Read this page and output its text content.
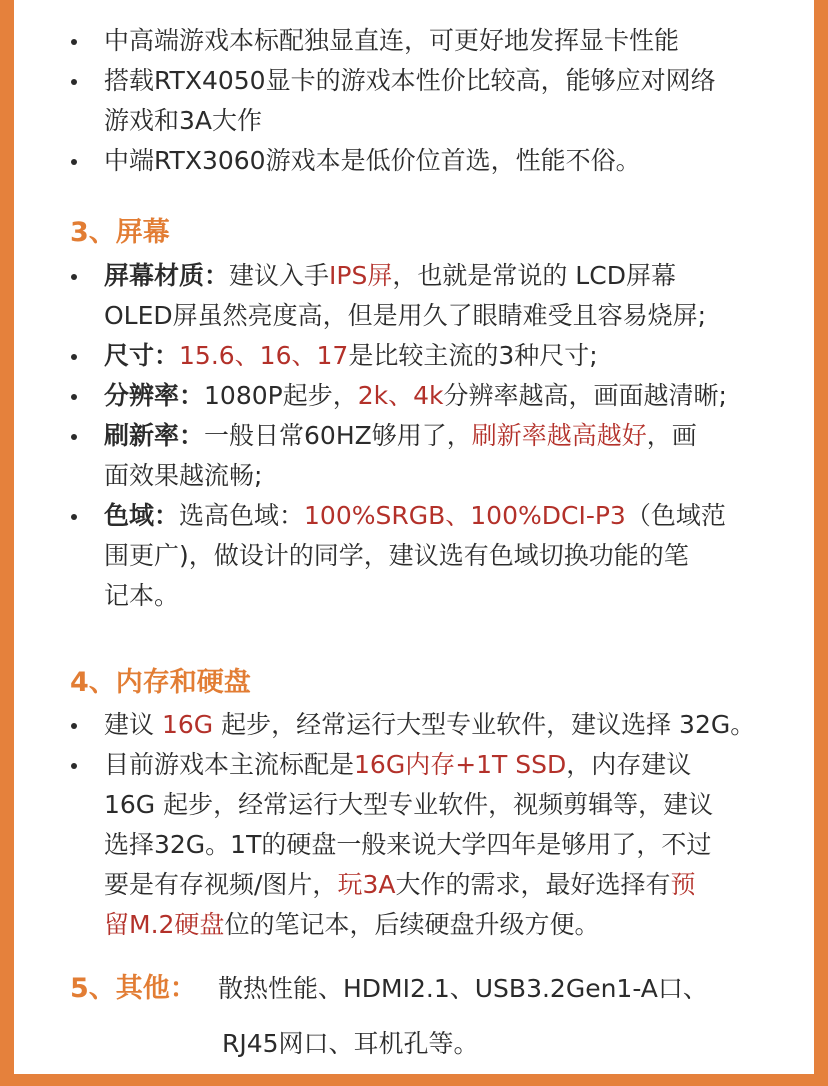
中高端游戏本标配独显直连，可更好地发挥显卡性能
搭载RTX4050显卡的游戏本性价比较高，能够应对网络
游戏和3A大作
中端RTX3060游戏本是低价位首选，性能不俗。
3、屏幕
屏幕材质：建议入手IPS屏，也就是常说的 LCD屏幕
OLED屏虽然亮度高，但是用久了眼睛难受且容易烧屏;
尺寸：15.6、16、17是比较主流的3种尺寸;
分辨率：1080P起步，2k、4k分辨率越高，画面越清晰;
刷新率：一般日常60HZ够用了，刷新率越高越好，画
面效果越流畅;
色域：选高色域：100%SRGB、100%DCI-P3（色域范
围更广)，做设计的同学，建议选有色域切换功能的笔
记本。
4、内存和硬盘
建议 16G 起步，经常运行大型专业软件，建议选择 32G。
目前游戏本主流标配是16G内存+1T SSD，内存建议
16G 起步，经常运行大型专业软件，视频剪辑等，建议
选择32G。1T的硬盘一般来说大学四年是够用了，不过
要是有存视频/图片，玩3A大作的需求，最好选择有预
留M.2硬盘位的笔记本，后续硬盘升级方便。
5、其他： 散热性能、HDMI2.1、USB3.2Gen1-A口、
RJ45网口、耳机孔等。
